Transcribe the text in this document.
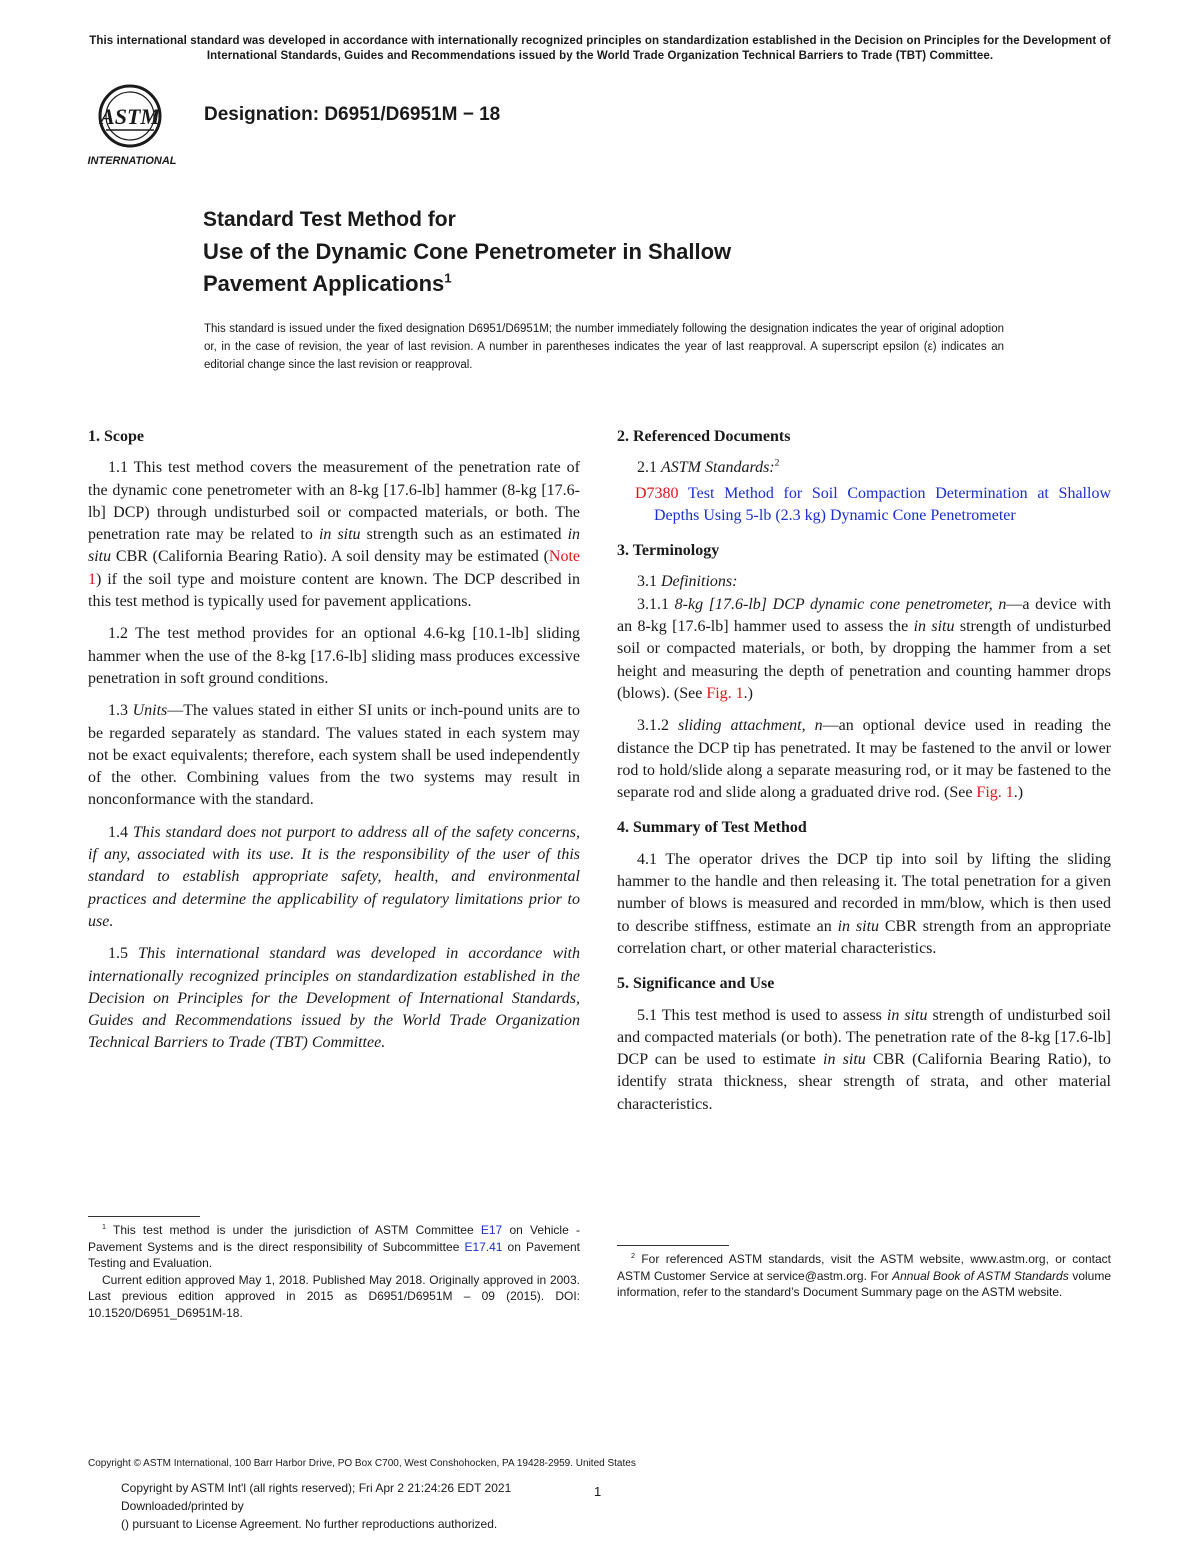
This international standard was developed in accordance with internationally recognized principles on standardization established in the Decision on Principles for the Development of International Standards, Guides and Recommendations issued by the World Trade Organization Technical Barriers to Trade (TBT) Committee.
ASTM
INTERNATIONAL
Designation: D6951/D6951M − 18
Standard Test Method for
Use of the Dynamic Cone Penetrometer in Shallow
Pavement Applications$^1$
This standard is issued under the fixed designation D6951/D6951M; the number immediately following the designation indicates the year of original adoption or, in the case of revision, the year of last revision. A number in parentheses indicates the year of last reapproval. A superscript epsilon (ε) indicates an editorial change since the last revision or reapproval.
1. Scope

1.1 This test method covers the measurement of the penetration rate of the dynamic cone penetrometer with an 8-kg [17.6-lb] hammer (8-kg [17.6-lb] DCP) through undisturbed soil or compacted materials, or both. The penetration rate may be related to in situ strength such as an estimated in situ CBR (California Bearing Ratio). A soil density may be estimated (Note 1) if the soil type and moisture content are known. The DCP described in this test method is typically used for pavement applications.

1.2 The test method provides for an optional 4.6-kg [10.1-lb] sliding hammer when the use of the 8-kg [17.6-lb] sliding mass produces excessive penetration in soft ground conditions.

1.3 Units—The values stated in either SI units or inch-pound units are to be regarded separately as standard. The values stated in each system may not be exact equivalents; therefore, each system shall be used independently of the other. Combining values from the two systems may result in nonconformance with the standard.

1.4 This standard does not purport to address all of the safety concerns, if any, associated with its use. It is the responsibility of the user of this standard to establish appropriate safety, health, and environmental practices and determine the applicability of regulatory limitations prior to use.

1.5 This international standard was developed in accordance with internationally recognized principles on standardization established in the Decision on Principles for the Development of International Standards, Guides and Recommendations issued by the World Trade Organization Technical Barriers to Trade (TBT) Committee.

2. Referenced Documents

2.1 ASTM Standards:$^2$

D7380 Test Method for Soil Compaction Determination at Shallow Depths Using 5-lb (2.3 kg) Dynamic Cone Penetrometer

3. Terminology

3.1 Definitions:

3.1.1 8-kg [17.6-lb] DCP dynamic cone penetrometer, n—a device with an 8-kg [17.6-lb] hammer used to assess the in situ strength of undisturbed soil or compacted materials, or both, by dropping the hammer from a set height and measuring the depth of penetration and counting hammer drops (blows). (See Fig. 1.)

3.1.2 sliding attachment, n—an optional device used in reading the distance the DCP tip has penetrated. It may be fastened to the anvil or lower rod to hold/slide along a separate measuring rod, or it may be fastened to the separate rod and slide along a graduated drive rod. (See Fig. 1.)

4. Summary of Test Method

4.1 The operator drives the DCP tip into soil by lifting the sliding hammer to the handle and then releasing it. The total penetration for a given number of blows is measured and recorded in mm/blow, which is then used to describe stiffness, estimate an in situ CBR strength from an appropriate correlation chart, or other material characteristics.

5. Significance and Use

5.1 This test method is used to assess in situ strength of undisturbed soil and compacted materials (or both). The penetration rate of the 8-kg [17.6-lb] DCP can be used to estimate in situ CBR (California Bearing Ratio), to identify strata thickness, shear strength of strata, and other material characteristics.

$^1$ This test method is under the jurisdiction of ASTM Committee E17 on Vehicle - Pavement Systems and is the direct responsibility of Subcommittee E17.41 on Pavement Testing and Evaluation.

Current edition approved May 1, 2018. Published May 2018. Originally approved in 2003. Last previous edition approved in 2015 as D6951/D6951M – 09 (2015). DOI: 10.1520/D6951_D6951M-18.

$^2$ For referenced ASTM standards, visit the ASTM website, www.astm.org, or contact ASTM Customer Service at service@astm.org. For Annual Book of ASTM Standards volume information, refer to the standard’s Document Summary page on the ASTM website.

Copyright © ASTM International, 100 Barr Harbor Drive, PO Box C700, West Conshohocken, PA 19428-2959. United States
Copyright by ASTM Int'l (all rights reserved); Fri Apr 2 21:24:26 EDT 2021
Downloaded/printed by
() pursuant to License Agreement. No further reproductions authorized.
1
